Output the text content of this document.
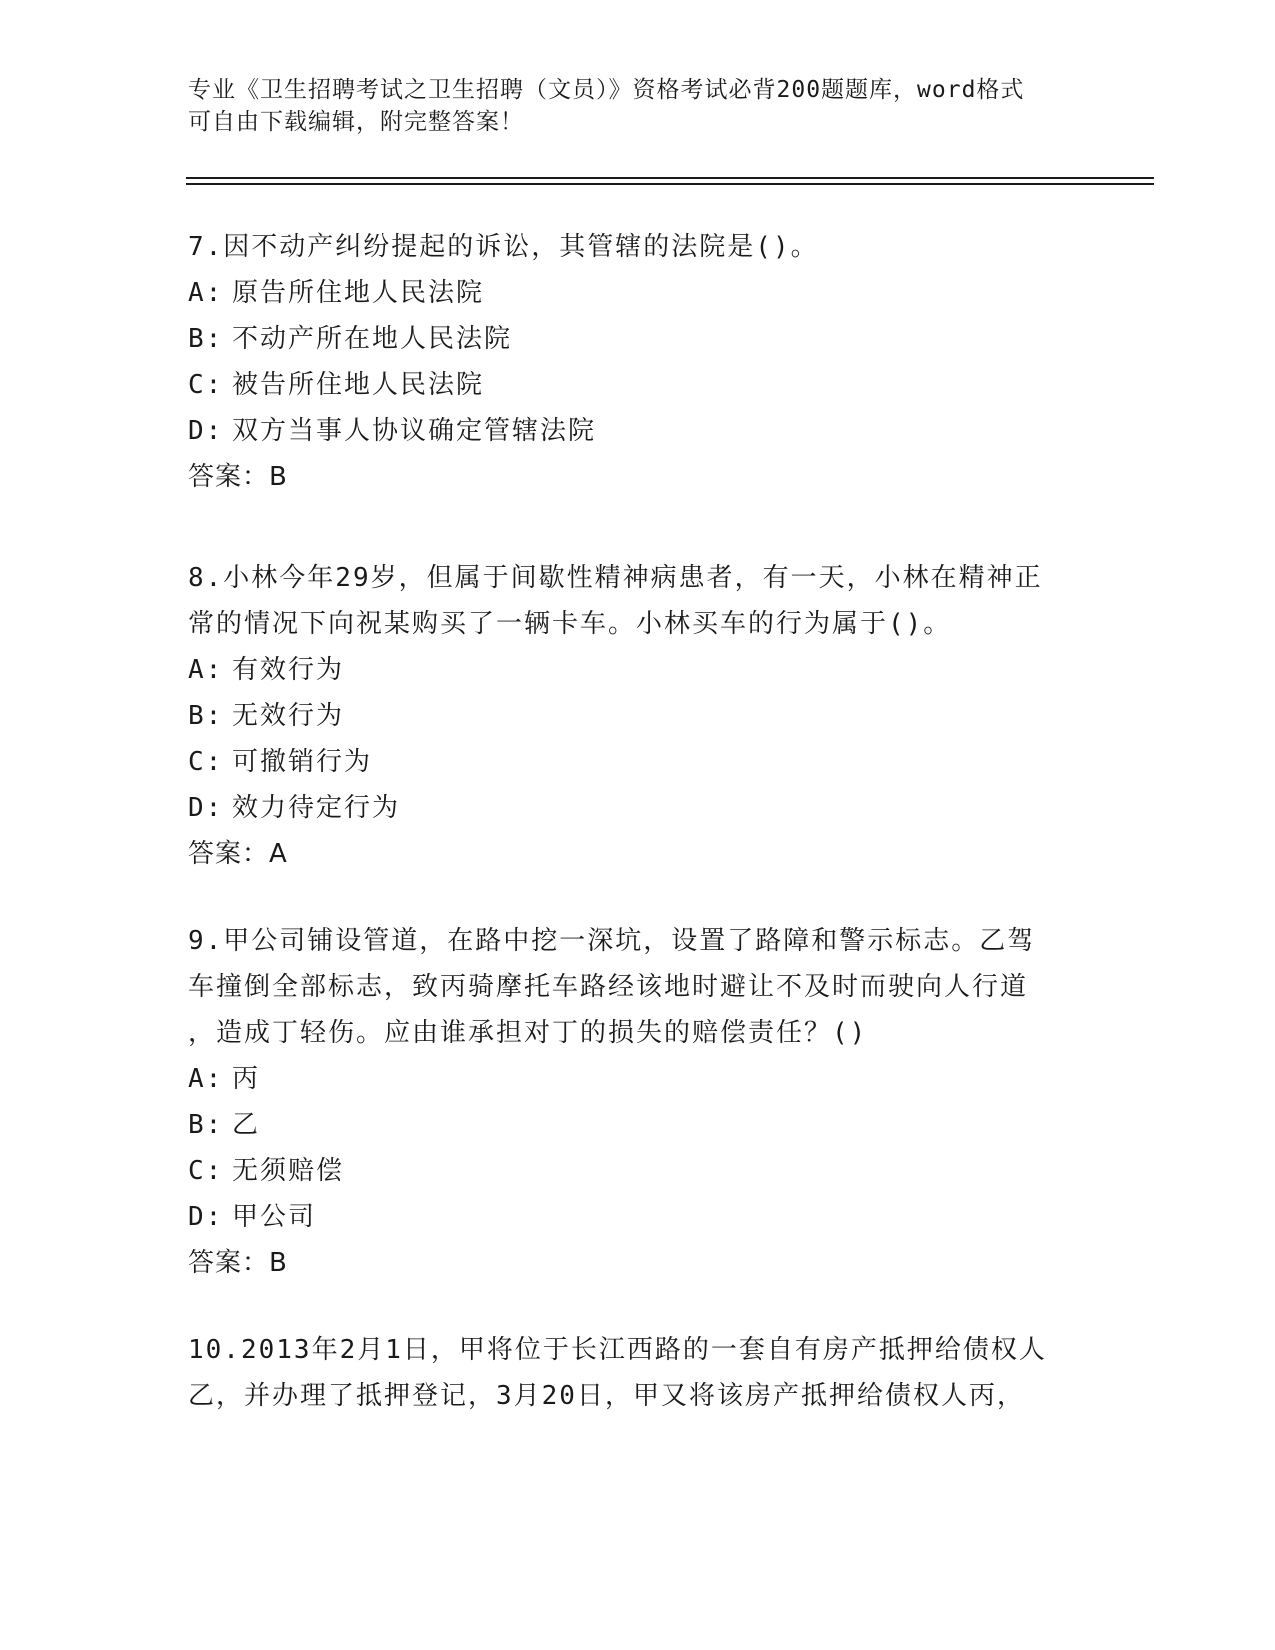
专业《卫生招聘考试之卫生招聘（文员）》资格考试必背200题题库，word格式
可自由下载编辑，附完整答案！
7.因不动产纠纷提起的诉讼，其管辖的法院是()。
A: 原告所住地人民法院
B: 不动产所在地人民法院
C: 被告所住地人民法院
D: 双方当事人协议确定管辖法院
答案：B
8.小林今年29岁，但属于间歇性精神病患者，有一天，小林在精神正
常的情况下向祝某购买了一辆卡车。小林买车的行为属于()。
A: 有效行为
B: 无效行为
C: 可撤销行为
D: 效力待定行为
答案：A
9.甲公司铺设管道，在路中挖一深坑，设置了路障和警示标志。乙驾
车撞倒全部标志，致丙骑摩托车路经该地时避让不及时而驶向人行道
，造成丁轻伤。应由谁承担对丁的损失的赔偿责任？()
A: 丙
B: 乙
C: 无须赔偿
D: 甲公司
答案：B
10.2013年2月1日，甲将位于长江西路的一套自有房产抵押给债权人
乙，并办理了抵押登记，3月20日，甲又将该房产抵押给债权人丙，
